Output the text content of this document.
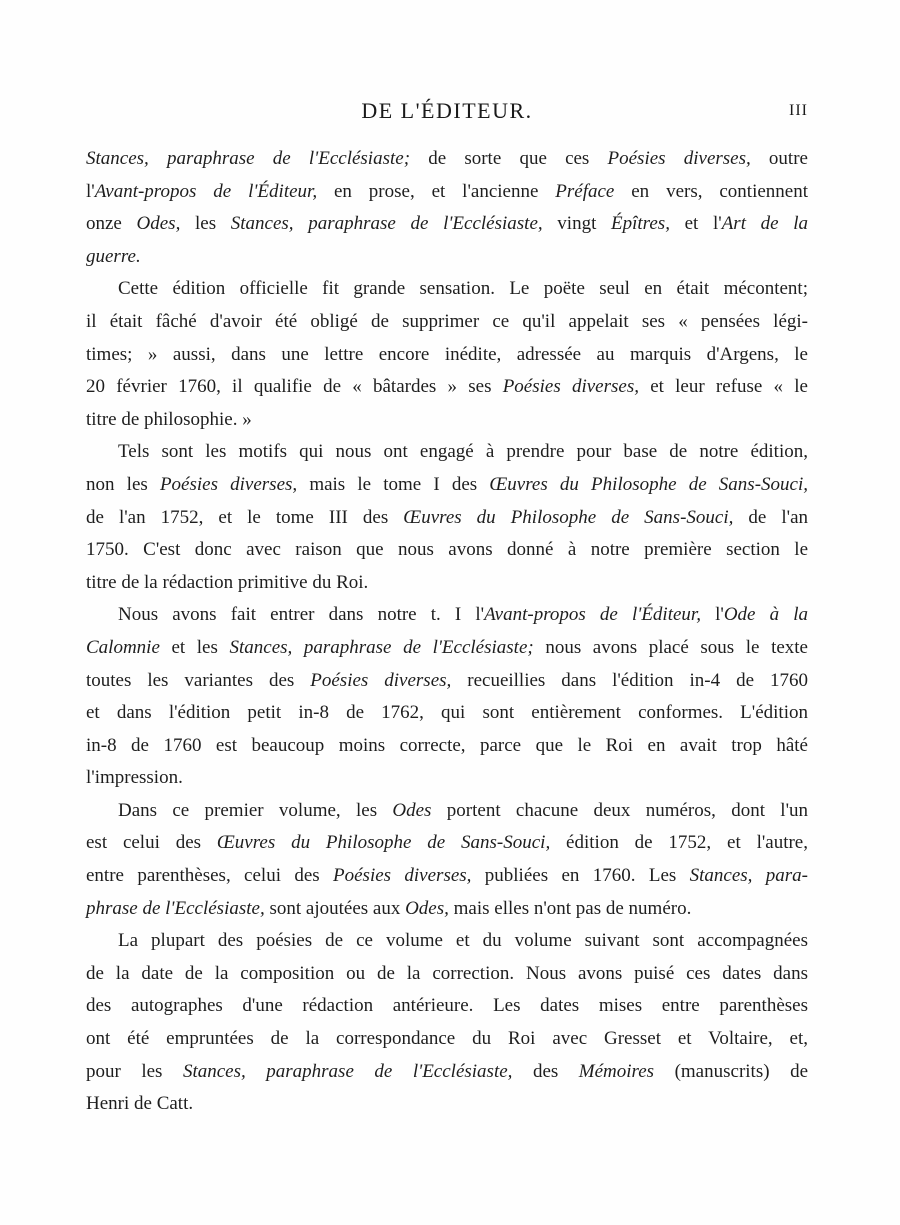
DE L'ÉDITEUR.	III
Stances, paraphrase de l'Ecclésiaste; de sorte que ces Poésies diverses, outre
l'Avant-propos de l'Éditeur, en prose, et l'ancienne Préface en vers, contiennent
onze Odes, les Stances, paraphrase de l'Ecclésiaste, vingt Épîtres, et l'Art de la
guerre.
Cette édition officielle fit grande sensation. Le poëte seul en était mécontent;
il était fâché d'avoir été obligé de supprimer ce qu'il appelait ses « pensées légi-
times; » aussi, dans une lettre encore inédite, adressée au marquis d'Argens, le
20 février 1760, il qualifie de « bâtardes » ses Poésies diverses, et leur refuse « le
titre de philosophie. »
Tels sont les motifs qui nous ont engagé à prendre pour base de notre édition,
non les Poésies diverses, mais le tome I des Œuvres du Philosophe de Sans-Souci,
de l'an 1752, et le tome III des Œuvres du Philosophe de Sans-Souci, de l'an
1750. C'est donc avec raison que nous avons donné à notre première section le
titre de la rédaction primitive du Roi.
Nous avons fait entrer dans notre t. I l'Avant-propos de l'Éditeur, l'Ode à la
Calomnie et les Stances, paraphrase de l'Ecclésiaste; nous avons placé sous le texte
toutes les variantes des Poésies diverses, recueillies dans l'édition in-4 de 1760
et dans l'édition petit in-8 de 1762, qui sont entièrement conformes. L'édition
in-8 de 1760 est beaucoup moins correcte, parce que le Roi en avait trop hâté
l'impression.
Dans ce premier volume, les Odes portent chacune deux numéros, dont l'un
est celui des Œuvres du Philosophe de Sans-Souci, édition de 1752, et l'autre,
entre parenthèses, celui des Poésies diverses, publiées en 1760. Les Stances, para-
phrase de l'Ecclésiaste, sont ajoutées aux Odes, mais elles n'ont pas de numéro.
La plupart des poésies de ce volume et du volume suivant sont accompagnées
de la date de la composition ou de la correction. Nous avons puisé ces dates dans
des autographes d'une rédaction antérieure. Les dates mises entre parenthèses
ont été empruntées de la correspondance du Roi avec Gresset et Voltaire, et,
pour les Stances, paraphrase de l'Ecclésiaste, des Mémoires (manuscrits) de
Henri de Catt.
